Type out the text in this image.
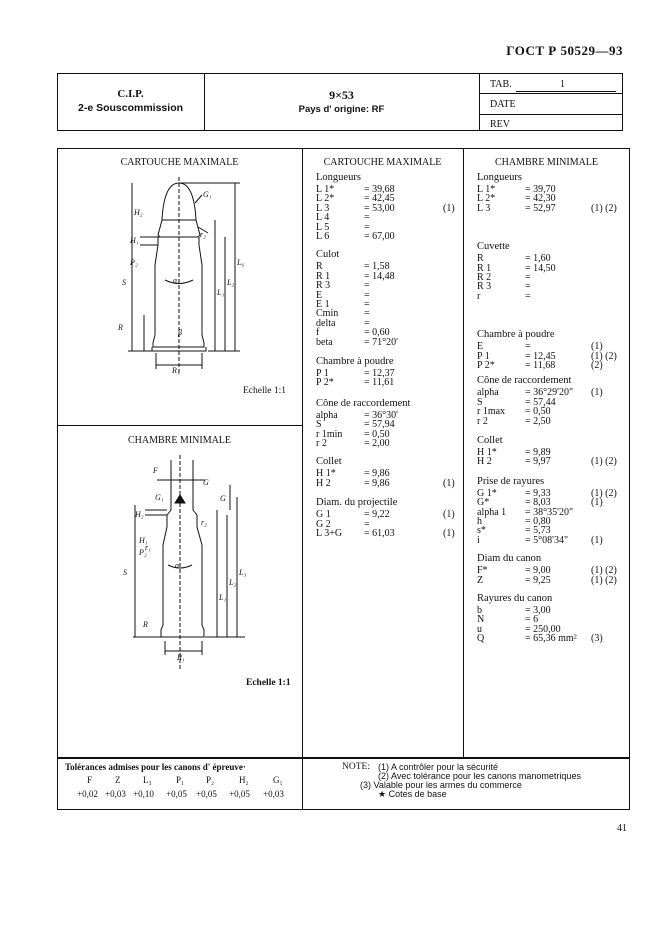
ГОСТ Р 50529—93
C.I.P.
2-e Souscommission
9×53
Pays d' origine: RF
TAB.	1
DATE
REV
CARTOUCHE MAXIMALE
H₂
H₁
P₂
S
R
G₁
r₂
α
β
R₁
L₁
L₂
L₆
Echelle 1:1
CHAMBRE MINIMALE
F
G₁
G
G
H₂
H₁
P₂
S
R
r₂
α
R₁
L₁
L₂
L₃
r₁
Echelle 1:1
CARTOUCHE MAXIMALE
Longueurs
L 1*	= 39,68
L 2*	= 42,45
L 3	= 53,00	(1)
L 4	=
L 5	=
L 6	= 67,00
Culot
R	= 1,58
R 1	= 14,48
R 3	=
E	=
E 1	=
Cmin	=
delta	=
f	= 0,60
beta	= 71°20'
Chambre à poudre
P 1	= 12,37
P 2*	= 11,61
Cône de raccordement
alpha	= 36°30'
S	= 57,94
r 1min = 0,50
r 2	= 2,00
Collet
H 1*	= 9,86
H 2	= 9,86	(1)
Diam. du projectile
G 1	= 9,22	(1)
G 2	=
L 3+G = 61,03	(1)
CHAMBRE MINIMALE
Longueurs
L 1*	= 39,70
L 2*	= 42,30
L 3	= 52,97	(1) (2)
Cuvette
R	= 1,60
R 1	= 14,50
R 2	=
R 3	=
r	=
Chambre à poudre
E	=	(1)
P 1	= 12,45	(1) (2)
P 2*	= 11,68	(2)
Cône de raccordement
alpha	= 36°29'20" (1)
S	= 57,44
r 1max = 0,50
r 2	= 2,50
Collet
H 1*	= 9,89
H 2	= 9,97	(1) (2)
Prise de rayures
G 1*	= 9,33	(1) (2)
G*	= 8,03	(1)
alpha 1 = 38°35'20"
h	= 0,80
s*	= 5,73
i	= 5°08'34" (1)
Diam du canon
F*	= 9,00	(1) (2)
Z	= 9,25	(1) (2)
Rayures du canon
b	= 3,00
N	= 6
u	= 250,00
Q	= 65,36 mm² (3)
Tolérances admises pour les canons d' épreuve·
F	Z	L₃	P₁ P₂	H₂	G₁
+0,02 +0,03 +0,10 +0,05 +0,05 +0,05 +0,03
NOTE: (1) A contrôler pour la sécurité
(2) Avec tolérance pour les canons manometriques
(3) Valable pour les armes du commerce
★ Cotes de base
41
